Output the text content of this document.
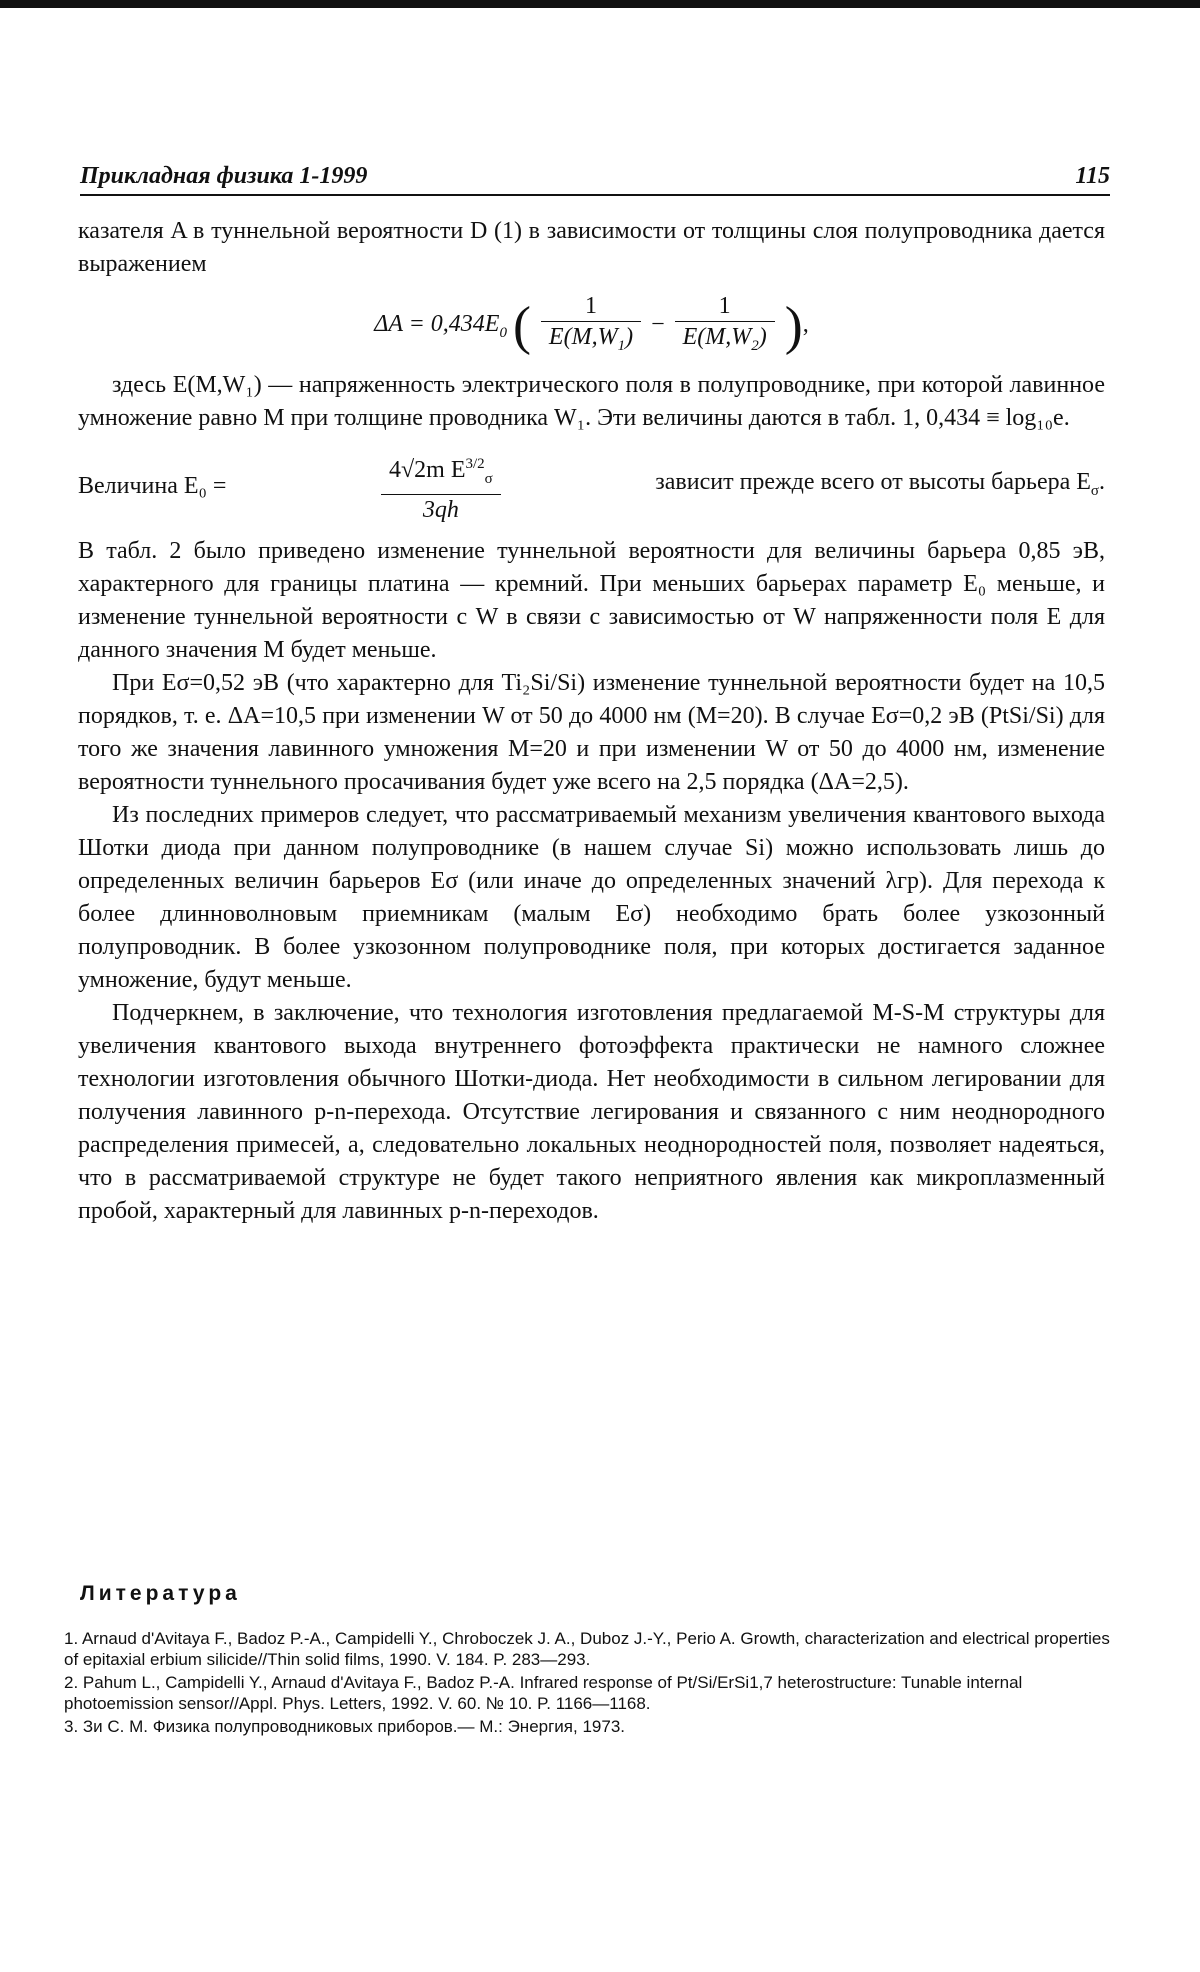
Прикладная физика 1-1999	115

казателя A в туннельной вероятности D (1) в зависимости от толщины слоя полупроводника дается выражением

$\Delta A = 0,434E_0$ ( $\frac{1}{E(M,W_1)} - \frac{1}{E(M,W_2)}$ ),

здесь E(M,W₁) — напряженность электрического поля в полупроводнике, при которой лавинное умножение равно M при толщине проводника W₁. Эти величины даются в табл. 1, 0,434 ≡ log₁₀e.

Величина E₀ =	$\frac{4√2m E^{3/2}_\sigma}{3qh}$	зависит прежде всего от высоты барьера $E_\sigma$.

В табл. 2 было приведено изменение туннельной вероятности для величины барьера 0,85 эВ, характерного для границы платина — кремний. При меньших барьерах параметр E₀ меньше, и изменение туннельной вероятности с W в связи с зависимостью от W напряженности поля E для данного значения M будет меньше.

При Eσ=0,52 эВ (что характерно для Ti₂Si/Si) изменение туннельной вероятности будет на 10,5 порядков, т. е. ΔA=10,5 при изменении W от 50 до 4000 нм (M=20). В случае Eσ=0,2 эВ (PtSi/Si) для того же значения лавинного умножения M=20 и при изменении W от 50 до 4000 нм, изменение вероятности туннельного просачивания будет уже всего на 2,5 порядка (ΔA=2,5).

Из последних примеров следует, что рассматриваемый механизм увеличения квантового выхода Шотки диода при данном полупроводнике (в нашем случае Si) можно использовать лишь до определенных величин барьеров Eσ (или иначе до определенных значений λгр). Для перехода к более длинноволновым приемникам (малым Eσ) необходимо брать более узкозонный полупроводник. В более узкозонном полупроводнике поля, при которых достигается заданное умножение, будут меньше.

Подчеркнем, в заключение, что технология изготовления предлагаемой M-S-M структуры для увеличения квантового выхода внутреннего фотоэффекта практически не намного сложнее технологии изготовления обычного Шотки-диода. Нет необходимости в сильном легировании для получения лавинного p-n-перехода. Отсутствие легирования и связанного с ним неоднородного распределения примесей, а, следовательно локальных неоднородностей поля, позволяет надеяться, что в рассматриваемой структуре не будет такого неприятного явления как микроплазменный пробой, характерный для лавинных p-n-переходов.

Литература

1. Arnaud d'Avitaya F., Badoz P.-A., Campidelli Y., Chroboczek J. A., Dubоz J.-Y., Perio A. Growth, characterization and electrical properties of epitaxial erbium silicide//Thin solid films, 1990. V. 184. P. 283—293.

2. Pahum L., Campidelli Y., Arnaud d'Avitaya F., Badoz P.-A. Infrared response of Pt/Si/ErSi1,7 heterostructure: Tunable internal photoemission sensor//Appl. Phys. Letters, 1992. V. 60. № 10. P. 1166—1168.

3. Зи С. М. Физика полупроводниковых приборов.— М.: Энергия, 1973.
